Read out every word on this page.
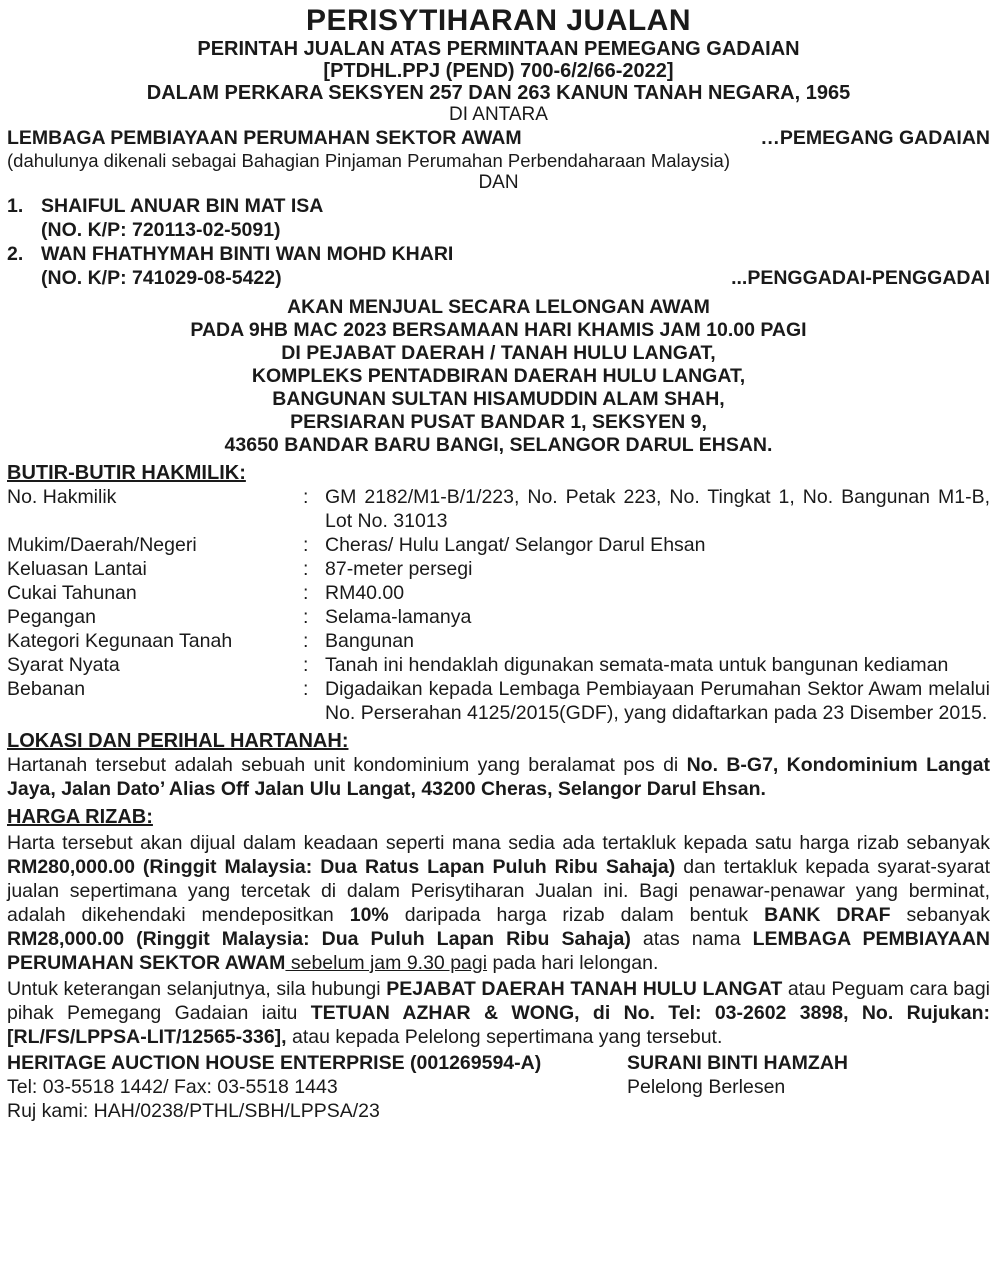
PERISYTIHARAN JUALAN
PERINTAH JUALAN ATAS PERMINTAAN PEMEGANG GADAIAN
[PTDHL.PPJ (PEND) 700-6/2/66-2022]
DALAM PERKARA SEKSYEN 257 DAN 263 KANUN TANAH NEGARA, 1965
DI ANTARA
LEMBAGA PEMBIAYAAN PERUMAHAN SEKTOR AWAM	…PEMEGANG GADAIAN
(dahulunya dikenali sebagai Bahagian Pinjaman Perumahan Perbendaharaan Malaysia)
DAN
1. SHAIFUL ANUAR BIN MAT ISA
(NO. K/P: 720113-02-5091)
2. WAN FHATHYMAH BINTI WAN MOHD KHARI
(NO. K/P: 741029-08-5422)	...PENGGADAI-PENGGADAI
AKAN MENJUAL SECARA LELONGAN AWAM
PADA 9HB MAC 2023 BERSAMAAN HARI KHAMIS JAM 10.00 PAGI
DI PEJABAT DAERAH / TANAH HULU LANGAT,
KOMPLEKS PENTADBIRAN DAERAH HULU LANGAT,
BANGUNAN SULTAN HISAMUDDIN ALAM SHAH,
PERSIARAN PUSAT BANDAR 1, SEKSYEN 9,
43650 BANDAR BARU BANGI, SELANGOR DARUL EHSAN.
BUTIR-BUTIR HAKMILIK:
No. Hakmilik	:	GM 2182/M1-B/1/223, No. Petak 223, No. Tingkat 1, No. Bangunan M1-B, Lot No. 31013
Mukim/Daerah/Negeri	:	Cheras/ Hulu Langat/ Selangor Darul Ehsan
Keluasan Lantai	:	87-meter persegi
Cukai Tahunan	:	RM40.00
Pegangan	:	Selama-lamanya
Kategori Kegunaan Tanah	:	Bangunan
Syarat Nyata	:	Tanah ini hendaklah digunakan semata-mata untuk bangunan kediaman
Bebanan	:	Digadaikan kepada Lembaga Pembiayaan Perumahan Sektor Awam melalui No. Perserahan 4125/2015(GDF), yang didaftarkan pada 23 Disember 2015.
LOKASI DAN PERIHAL HARTANAH:

Hartanah tersebut adalah sebuah unit kondominium yang beralamat pos di No. B-G7, Kondominium Langat Jaya, Jalan Dato’ Alias Off Jalan Ulu Langat, 43200 Cheras, Selangor Darul Ehsan.

HARGA RIZAB:

Harta tersebut akan dijual dalam keadaan seperti mana sedia ada tertakluk kepada satu harga rizab sebanyak RM280,000.00 (Ringgit Malaysia: Dua Ratus Lapan Puluh Ribu Sahaja) dan tertakluk kepada syarat-syarat jualan sepertimana yang tercetak di dalam Perisytiharan Jualan ini. Bagi penawar-penawar yang berminat, adalah dikehendaki mendepositkan 10% daripada harga rizab dalam bentuk BANK DRAF sebanyak RM28,000.00 (Ringgit Malaysia: Dua Puluh Lapan Ribu Sahaja) atas nama LEMBAGA PEMBIAYAAN PERUMAHAN SEKTOR AWAM sebelum jam 9.30 pagi pada hari lelongan.

Untuk keterangan selanjutnya, sila hubungi PEJABAT DAERAH TANAH HULU LANGAT atau Peguam cara bagi pihak Pemegang Gadaian iaitu TETUAN AZHAR & WONG, di No. Tel: 03-2602 3898, No. Rujukan: [RL/FS/LPPSA-LIT/12565-336], atau kepada Pelelong sepertimana yang tersebut.

HERITAGE AUCTION HOUSE ENTERPRISE (001269594-A)
Tel: 03-5518 1442/ Fax: 03-5518 1443
Ruj kami: HAH/0238/PTHL/SBH/LPPSA/23
SURANI BINTI HAMZAH
Pelelong Berlesen
